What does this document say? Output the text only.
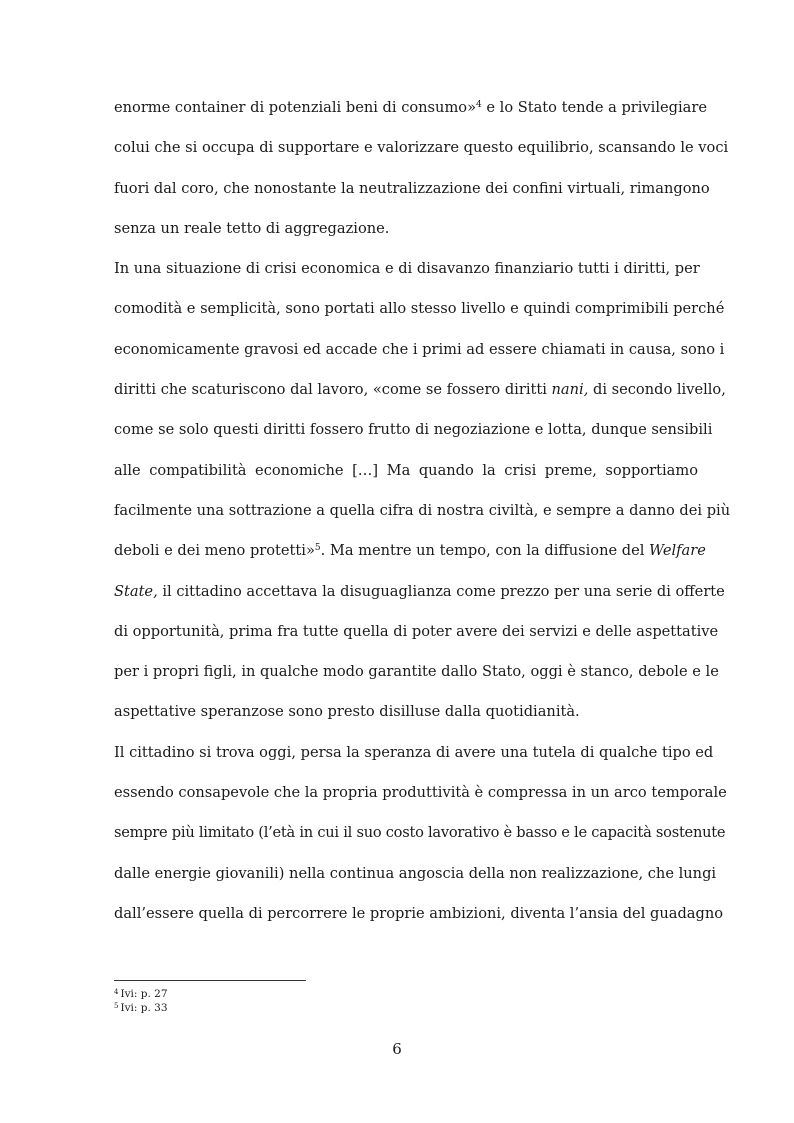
enorme container di potenziali beni di consumo»$^4$ e lo Stato tende a privilegiare
colui che si occupa di supportare e valorizzare questo equilibrio, scansando le voci
fuori dal coro, che nonostante la neutralizzazione dei confini virtuali, rimangono
senza un reale tetto di aggregazione.
In una situazione di crisi economica e di disavanzo finanziario tutti i diritti, per
comodità e semplicità, sono portati allo stesso livello e quindi comprimibili perché
economicamente gravosi ed accade che i primi ad essere chiamati in causa, sono i
diritti che scaturiscono dal lavoro, «come se fossero diritti nani, di secondo livello,
come se solo questi diritti fossero frutto di negoziazione e lotta, dunque sensibili
alle compatibilità economiche […] Ma quando la crisi preme, sopportiamo
facilmente una sottrazione a quella cifra di nostra civiltà, e sempre a danno dei più
deboli e dei meno protetti»$^5$. Ma mentre un tempo, con la diffusione del Welfare
State, il cittadino accettava la disuguaglianza come prezzo per una serie di offerte
di opportunità, prima fra tutte quella di poter avere dei servizi e delle aspettative
per i propri figli, in qualche modo garantite dallo Stato, oggi è stanco, debole e le
aspettative speranzose sono presto disilluse dalla quotidianità.
Il cittadino si trova oggi, persa la speranza di avere una tutela di qualche tipo ed
essendo consapevole che la propria produttività è compressa in un arco temporale
sempre più limitato (l’età in cui il suo costo lavorativo è basso e le capacità sostenute
dalle energie giovanili) nella continua angoscia della non realizzazione, che lungi
dall’essere quella di percorrere le proprie ambizioni, diventa l’ansia del guadagno
$^4$ Ivi: p. 27
$^5$ Ivi: p. 33
6
